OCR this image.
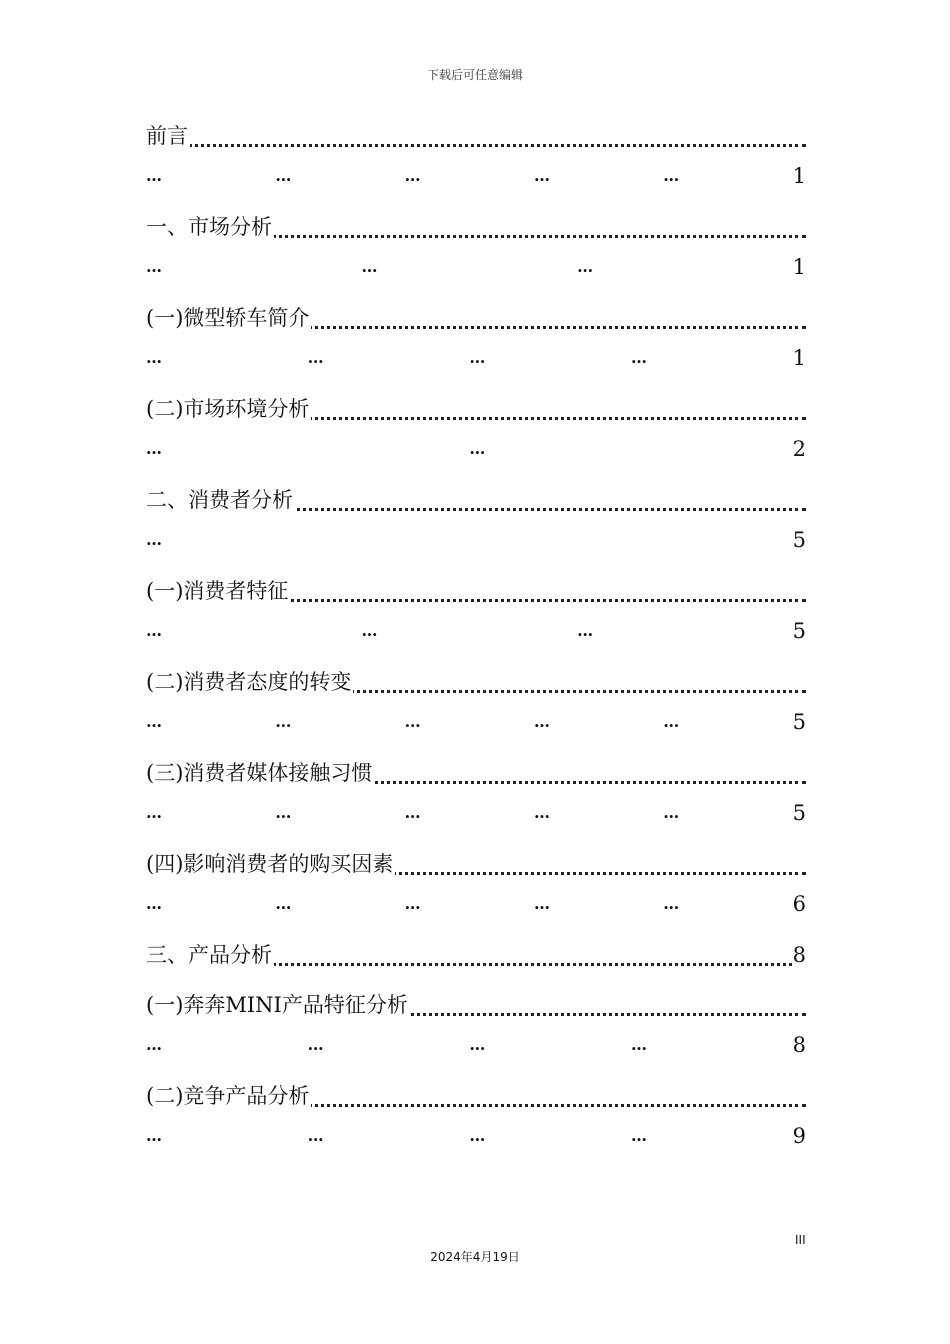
下载后可任意编辑
前言
…	…	…	…	…	1
一、市场分析
…	…	…	1
(一)微型轿车简介
…	…	…	…	1
(二)市场环境分析
…	…	2
二、消费者分析
…	5
(一)消费者特征
…	…	…	5
(二)消费者态度的转变
…	…	…	…	…	5
(三)消费者媒体接触习惯
…	…	…	…	…	5
(四)影响消费者的购买因素
…	…	…	…	…	6
三、产品分析	8
(一)奔奔MINI产品特征分析
…	…	…	…	8
(二)竞争产品分析
…	…	…	…	9
III
2024年4月19日
